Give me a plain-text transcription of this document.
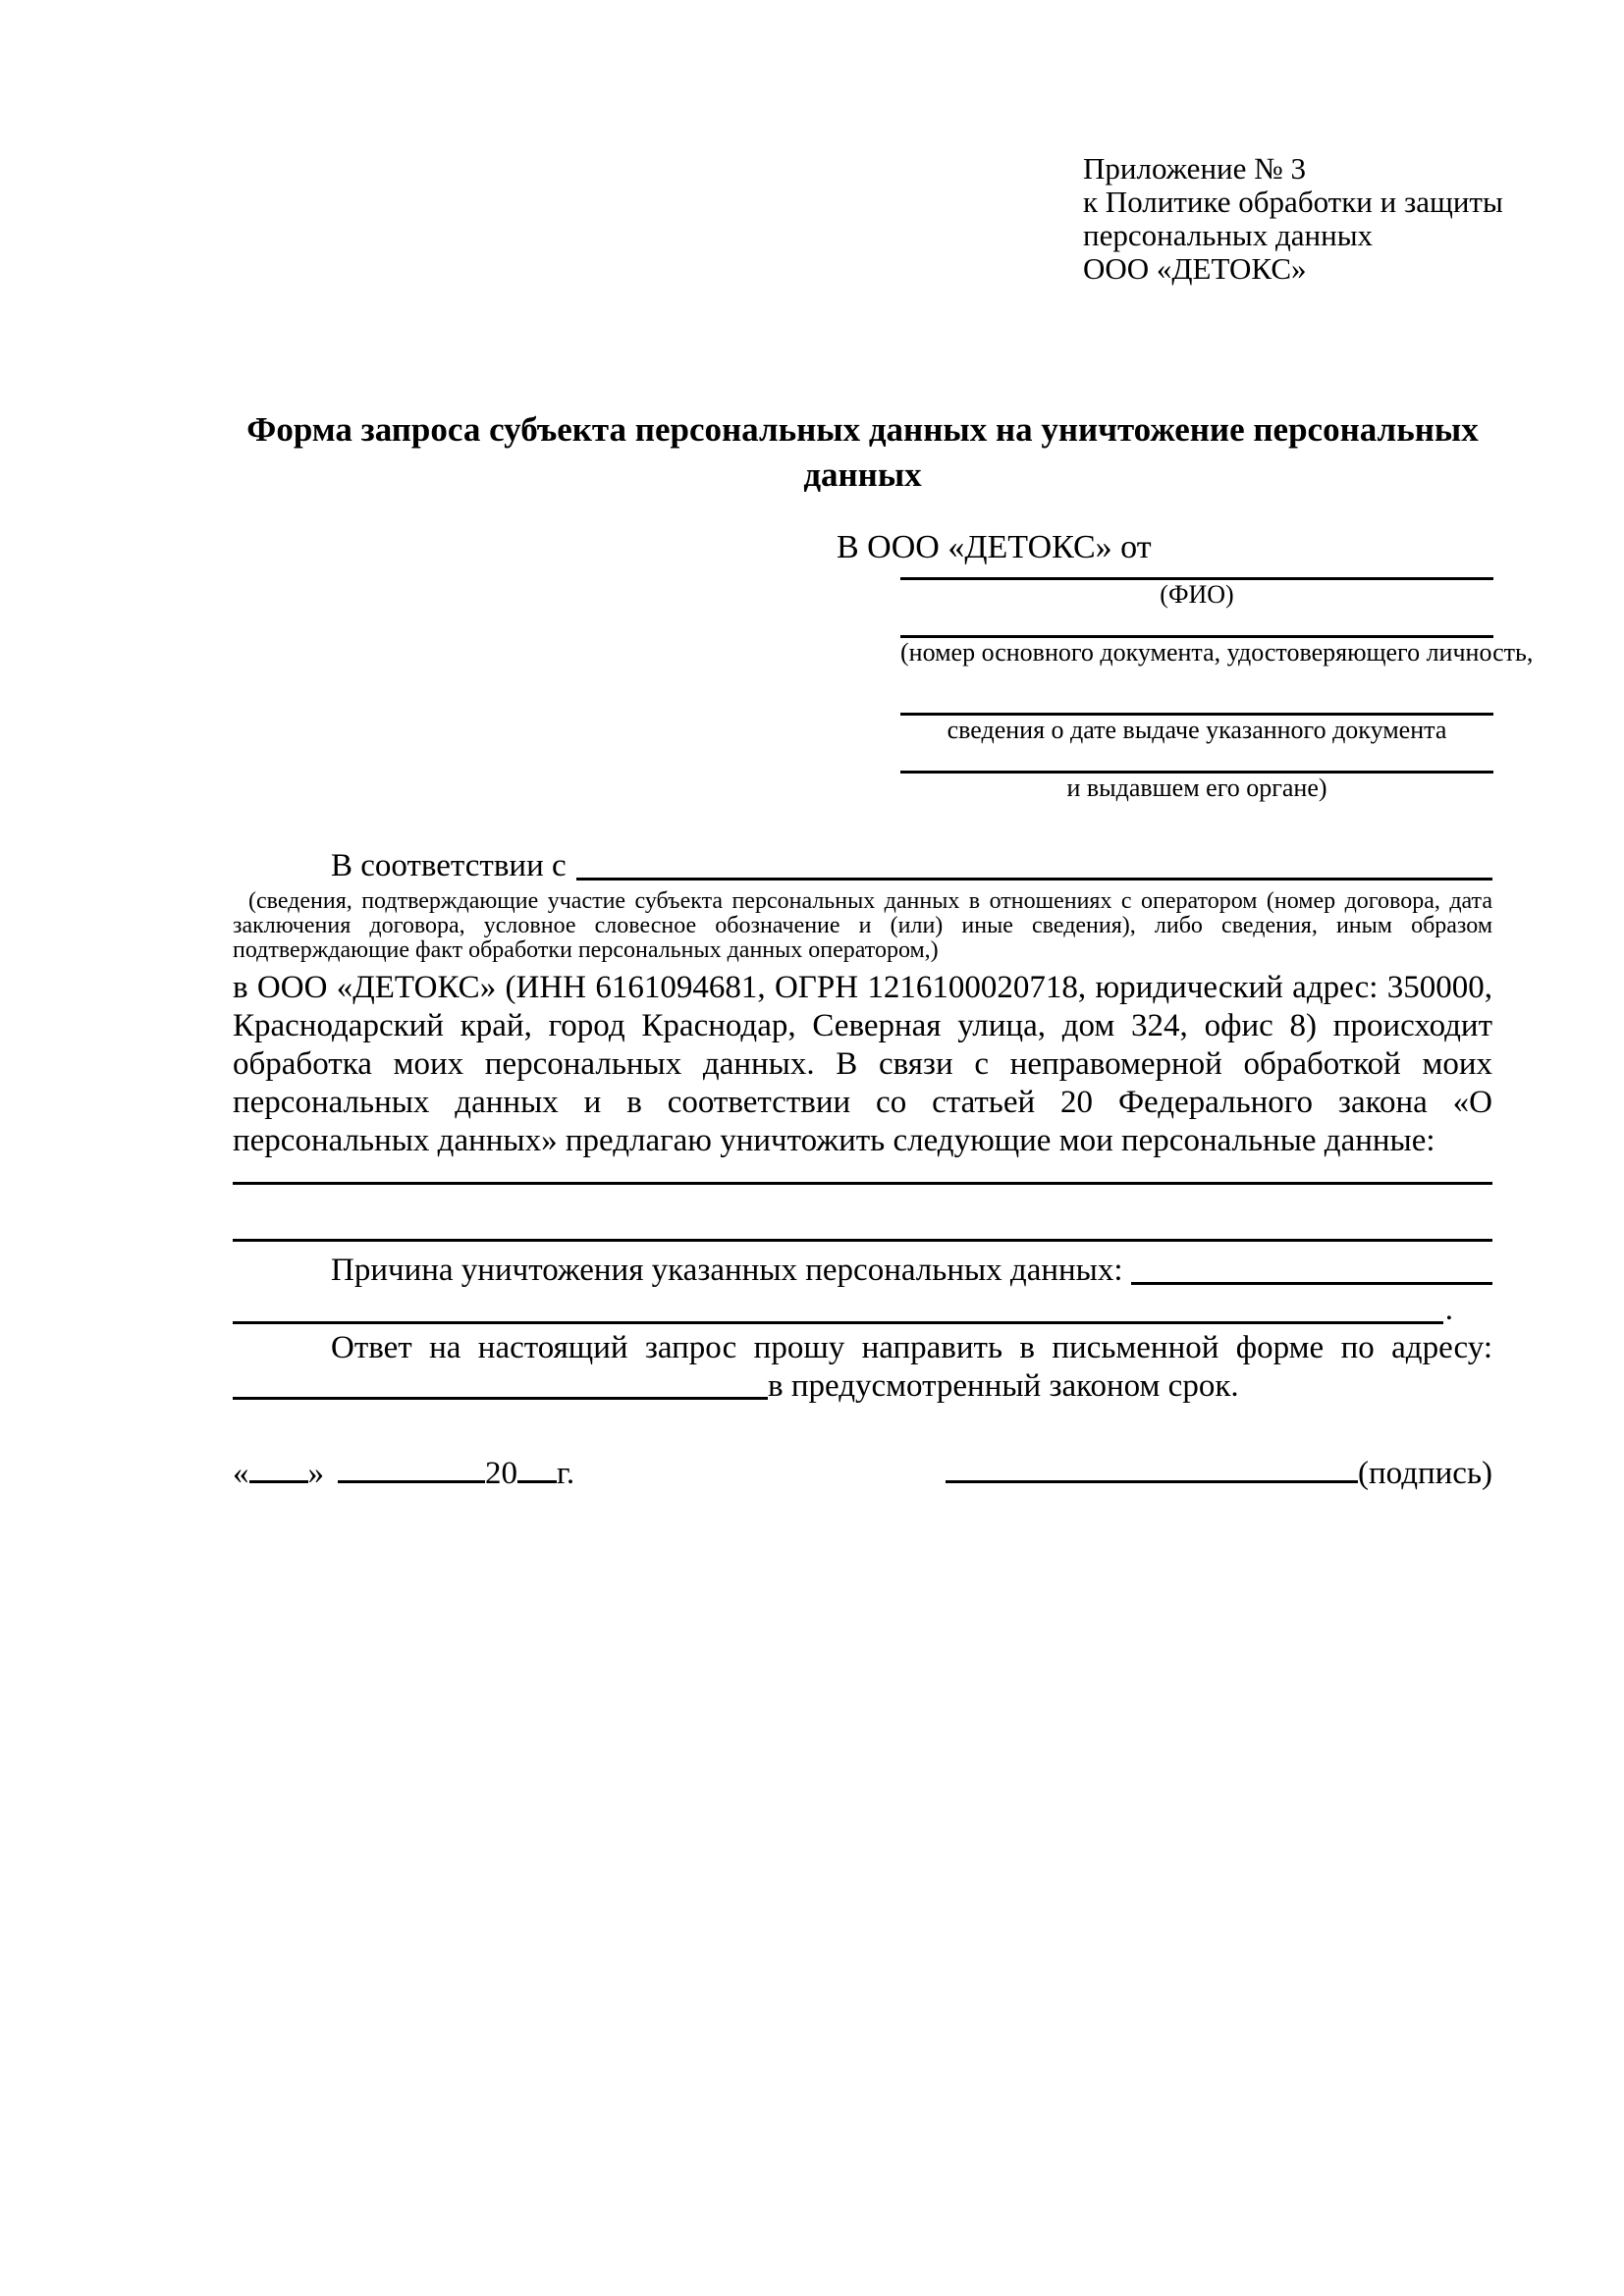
Приложение № 3
к Политике обработки и защиты
персональных данных
ООО «ДЕТОКС»
Форма запроса субъекта персональных данных на уничтожение персональных данных
В ООО «ДЕТОКС» от
(ФИО)
(номер основного документа, удостоверяющего личность,
сведения о дате выдаче указанного документа
и выдавшем его органе)
В соответствии с
(сведения, подтверждающие участие субъекта персональных данных в отношениях с оператором (номер договора, дата заключения договора, условное словесное обозначение и (или) иные сведения), либо сведения, иным образом подтверждающие факт обработки персональных данных оператором,)
в ООО «ДЕТОКС» (ИНН 6161094681, ОГРН 1216100020718, юридический адрес: 350000, Краснодарский край, город Краснодар, Северная улица, дом 324, офис 8) происходит обработка моих персональных данных. В связи с неправомерной обработкой моих персональных данных и в соответствии со статьей 20 Федерального закона «О персональных данных» предлагаю уничтожить следующие мои персональные данные:
Причина уничтожения указанных персональных данных:
.
Ответ на настоящий запрос прошу направить в письменной форме по адресу:
в предусмотренный законом срок.
« »	20 г.	(подпись)
